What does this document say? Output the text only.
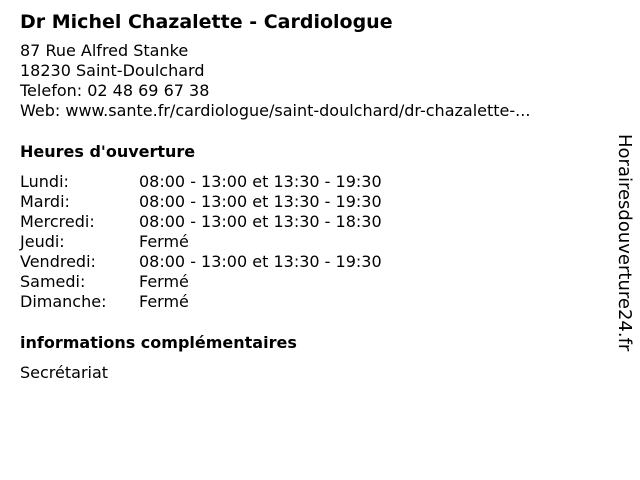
Dr Michel Chazalette - Cardiologue
87 Rue Alfred Stanke
18230 Saint-Doulchard
Telefon: 02 48 69 67 38
Web: www.sante.fr/cardiologue/saint-doulchard/dr-chazalette-...
Heures d'ouverture
Lundi:	08:00 - 13:00 et 13:30 - 19:30
Mardi:	08:00 - 13:00 et 13:30 - 19:30
Mercredi:	08:00 - 13:00 et 13:30 - 18:30
Jeudi:	Fermé
Vendredi:	08:00 - 13:00 et 13:30 - 19:30
Samedi:	Fermé
Dimanche:	Fermé
informations complémentaires
Secrétariat
Horairesdouverture24.fr
